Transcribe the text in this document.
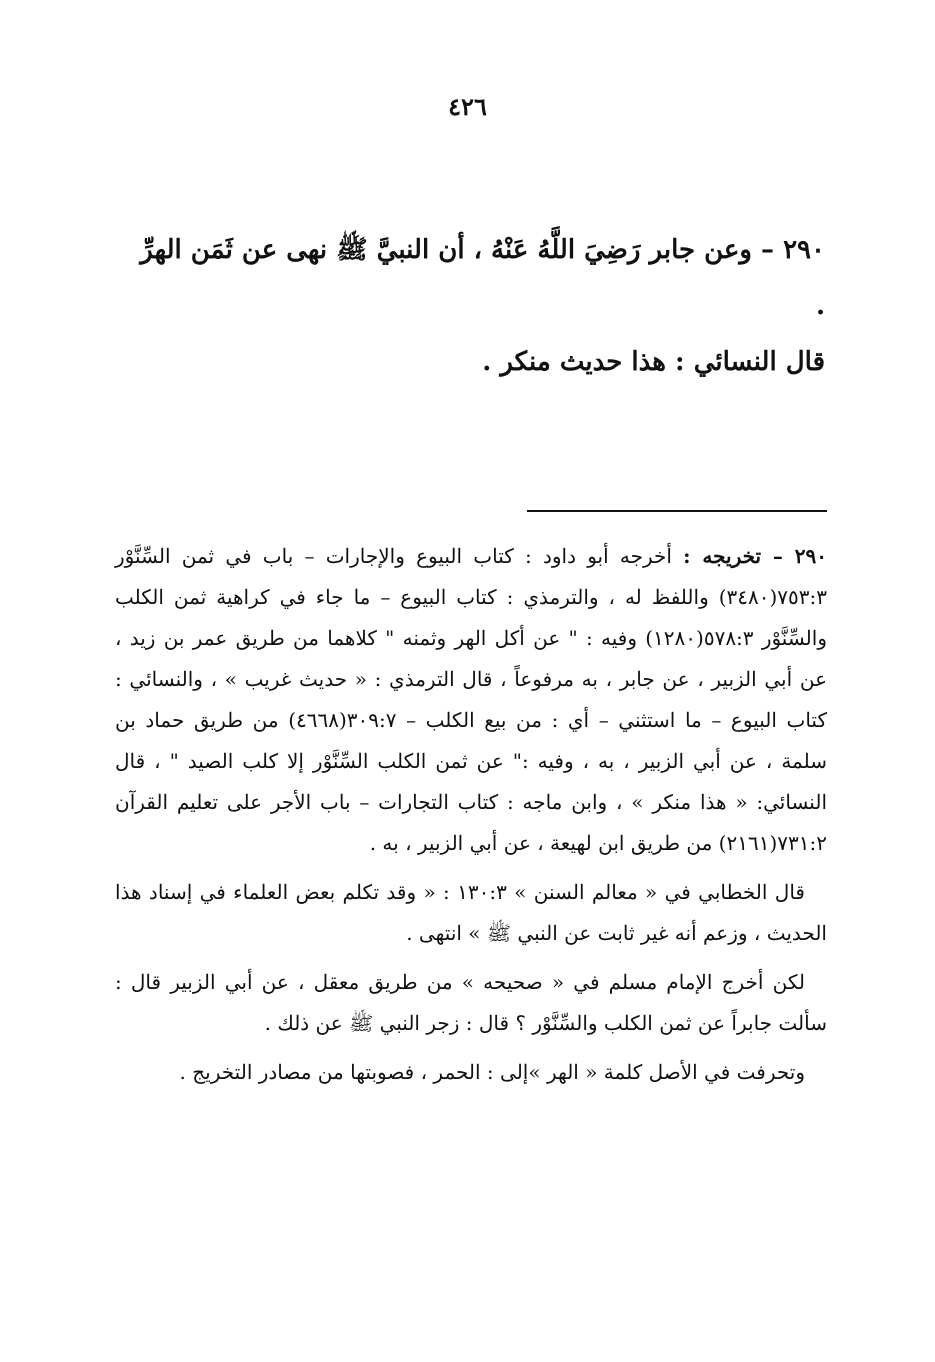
٤٢٦

٢٩٠ – وعن جابر رَضِيَ اللَّهُ عَنْهُ ، أن النبيَّ ﷺ نهى عن ثَمَن الهرِّ .

قال النسائي : هذا حديث منكر .

٢٩٠ – تخريجه : أخرجه أبو داود : كتاب البيوع والإجارات – باب في ثمن السِّنَّوْر ٧٥٣:٣(٣٤٨٠) واللفظ له ، والترمذي : كتاب البيوع – ما جاء في كراهية ثمن الكلب والسِّنَّوْر ٥٧٨:٣(١٢٨٠) وفيه : " عن أكل الهر وثمنه " كلاهما من طريق عمر بن زيد ، عن أبي الزبير ، عن جابر ، به مرفوعاً ، قال الترمذي : « حديث غريب » ، والنسائي : كتاب البيوع – ما استثني – أي : من بيع الكلب – ٣٠٩:٧(٤٦٦٨) من طريق حماد بن سلمة ، عن أبي الزبير ، به ، وفيه :" عن ثمن الكلب السِّنَّوْر إلا كلب الصيد " ، قال النسائي: « هذا منكر » ، وابن ماجه : كتاب التجارات – باب الأجر على تعليم القرآن ٧٣١:٢(٢١٦١) من طريق ابن لهيعة ، عن أبي الزبير ، به .

قال الخطابي في « معالم السنن » ١٣٠:٣ : « وقد تكلم بعض العلماء في إسناد هذا الحديث ، وزعم أنه غير ثابت عن النبي ﷺ » انتهى .

لكن أخرج الإمام مسلم في « صحيحه » من طريق معقل ، عن أبي الزبير قال : سألت جابراً عن ثمن الكلب والسِّنَّوْر ؟ قال : زجر النبي ﷺ عن ذلك .

وتحرفت في الأصل كلمة « الهر »إلى : الحمر ، فصوبتها من مصادر التخريج .
